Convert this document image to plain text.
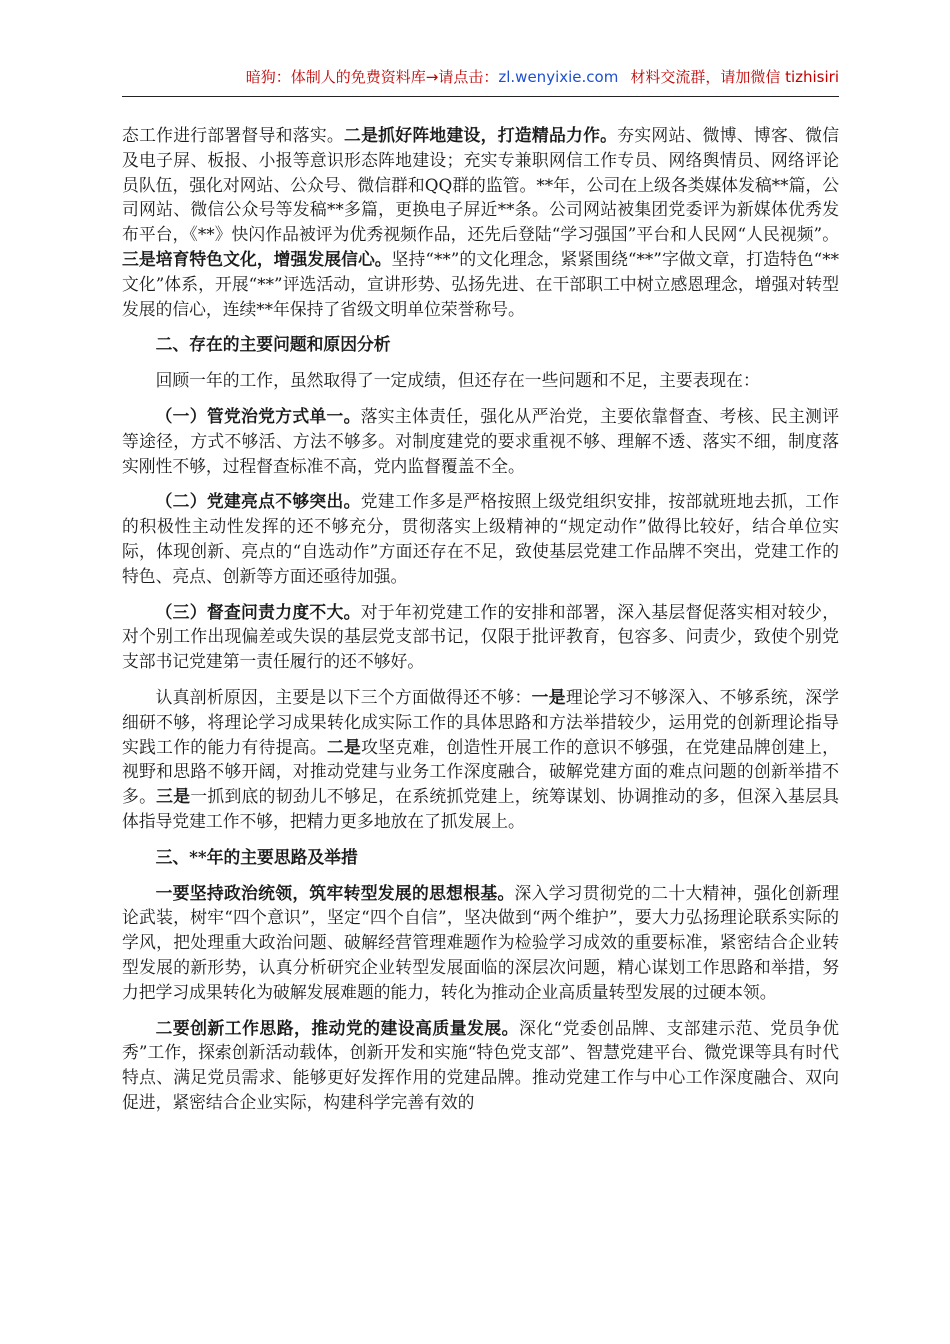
暗狗：体制人的免费资料库→请点击：zl.wenyixie.com 材料交流群，请加微信 tizhisiri

态工作进行部署督导和落实。二是抓好阵地建设，打造精品力作。夯实网站、微博、博客、微信及电子屏、板报、小报等意识形态阵地建设；充实专兼职网信工作专员、网络舆情员、网络评论员队伍，强化对网站、公众号、微信群和QQ群的监管。**年，公司在上级各类媒体发稿**篇，公司网站、微信公众号等发稿**多篇，更换电子屏近**条。公司网站被集团党委评为新媒体优秀发布平台，《**》快闪作品被评为优秀视频作品，还先后登陆“学习强国”平台和人民网“人民视频”。三是培育特色文化，增强发展信心。坚持“**”的文化理念，紧紧围绕“**”字做文章，打造特色“**文化”体系，开展“**”评选活动，宣讲形势、弘扬先进、在干部职工中树立感恩理念，增强对转型发展的信心，连续**年保持了省级文明单位荣誉称号。

二、存在的主要问题和原因分析

回顾一年的工作，虽然取得了一定成绩，但还存在一些问题和不足，主要表现在：

（一）管党治党方式单一。落实主体责任，强化从严治党，主要依靠督查、考核、民主测评等途径，方式不够活、方法不够多。对制度建党的要求重视不够、理解不透、落实不细，制度落实刚性不够，过程督查标准不高，党内监督覆盖不全。

（二）党建亮点不够突出。党建工作多是严格按照上级党组织安排，按部就班地去抓，工作的积极性主动性发挥的还不够充分，贯彻落实上级精神的“规定动作”做得比较好，结合单位实际，体现创新、亮点的“自选动作”方面还存在不足，致使基层党建工作品牌不突出，党建工作的特色、亮点、创新等方面还亟待加强。

（三）督查问责力度不大。对于年初党建工作的安排和部署，深入基层督促落实相对较少，对个别工作出现偏差或失误的基层党支部书记，仅限于批评教育，包容多、问责少，致使个别党支部书记党建第一责任履行的还不够好。

认真剖析原因，主要是以下三个方面做得还不够：一是理论学习不够深入、不够系统，深学细研不够，将理论学习成果转化成实际工作的具体思路和方法举措较少，运用党的创新理论指导实践工作的能力有待提高。二是攻坚克难，创造性开展工作的意识不够强，在党建品牌创建上，视野和思路不够开阔，对推动党建与业务工作深度融合，破解党建方面的难点问题的创新举措不多。三是一抓到底的韧劲儿不够足，在系统抓党建上，统筹谋划、协调推动的多，但深入基层具体指导党建工作不够，把精力更多地放在了抓发展上。

三、**年的主要思路及举措

一要坚持政治统领，筑牢转型发展的思想根基。深入学习贯彻党的二十大精神，强化创新理论武装，树牢“四个意识”，坚定“四个自信”，坚决做到“两个维护”，要大力弘扬理论联系实际的学风，把处理重大政治问题、破解经营管理难题作为检验学习成效的重要标准，紧密结合企业转型发展的新形势，认真分析研究企业转型发展面临的深层次问题，精心谋划工作思路和举措，努力把学习成果转化为破解发展难题的能力，转化为推动企业高质量转型发展的过硬本领。

二要创新工作思路，推动党的建设高质量发展。深化“党委创品牌、支部建示范、党员争优秀”工作，探索创新活动载体，创新开发和实施“特色党支部”、智慧党建平台、微党课等具有时代特点、满足党员需求、能够更好发挥作用的党建品牌。推动党建工作与中心工作深度融合、双向促进，紧密结合企业实际，构建科学完善有效的
